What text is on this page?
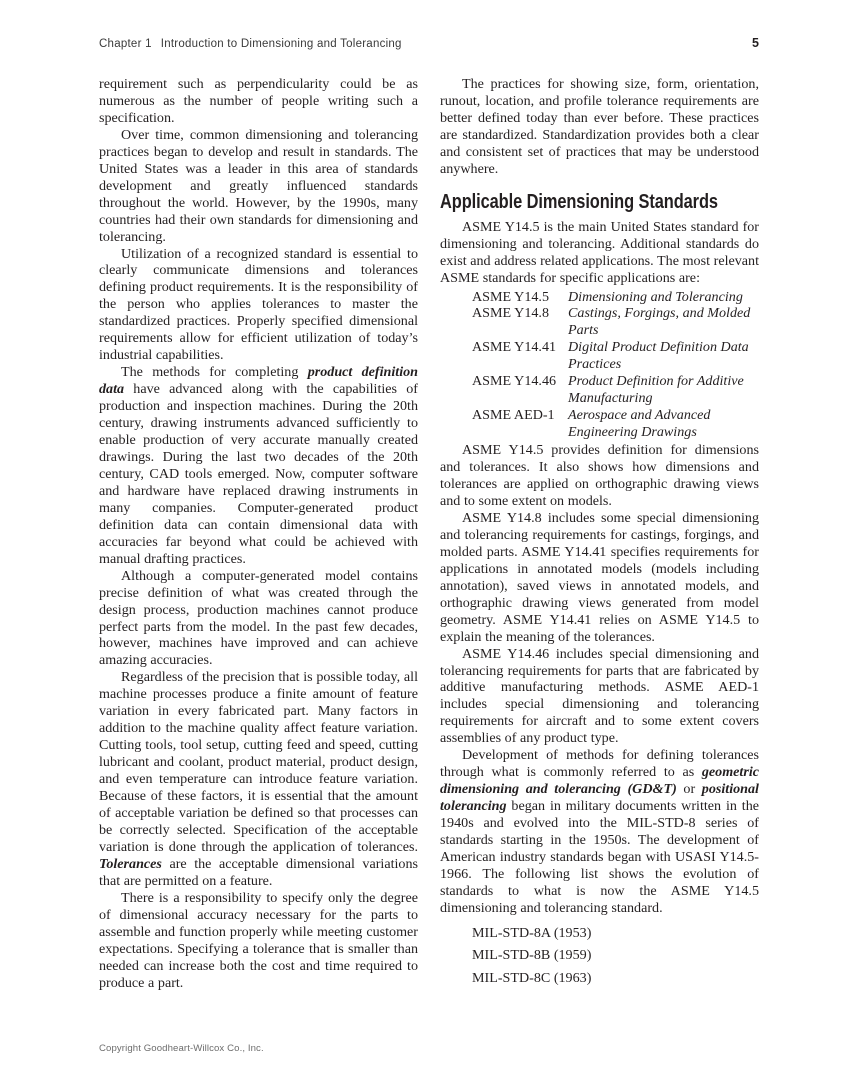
Chapter 1 Introduction to Dimensioning and Tolerancing	5

requirement such as perpendicularity could be as numerous as the number of people writing such a specification.

Over time, common dimensioning and tolerancing practices began to develop and result in standards. The United States was a leader in this area of standards development and greatly influenced standards throughout the world. However, by the 1990s, many countries had their own standards for dimensioning and tolerancing.

Utilization of a recognized standard is essential to clearly communicate dimensions and tolerances defining product requirements. It is the responsibility of the person who applies tolerances to master the standardized practices. Properly specified dimensional requirements allow for efficient utilization of today’s industrial capabilities.

The methods for completing product definition data have advanced along with the capabilities of production and inspection machines. During the 20th century, drawing instruments advanced sufficiently to enable production of very accurate manually created drawings. During the last two decades of the 20th century, CAD tools emerged. Now, computer software and hardware have replaced drawing instruments in many companies. Computer-generated product definition data can contain dimensional data with accuracies far beyond what could be achieved with manual drafting practices.

Although a computer-generated model contains precise definition of what was created through the design process, production machines cannot produce perfect parts from the model. In the past few decades, however, machines have improved and can achieve amazing accuracies.

Regardless of the precision that is possible today, all machine processes produce a finite amount of feature variation in every fabricated part. Many factors in addition to the machine quality affect feature variation. Cutting tools, tool setup, cutting feed and speed, cutting lubricant and coolant, product material, product design, and even temperature can introduce feature variation. Because of these factors, it is essential that the amount of acceptable variation be defined so that processes can be correctly selected. Specification of the acceptable variation is done through the application of tolerances. Tolerances are the acceptable dimensional variations that are permitted on a feature.

There is a responsibility to specify only the degree of dimensional accuracy necessary for the parts to assemble and function properly while meeting customer expectations. Specifying a tolerance that is smaller than needed can increase both the cost and time required to produce a part.

The practices for showing size, form, orientation, runout, location, and profile tolerance requirements are better defined today than ever before. These practices are standardized. Standardization provides both a clear and consistent set of practices that may be understood anywhere.

Applicable Dimensioning Standards

ASME Y14.5 is the main United States standard for dimensioning and tolerancing. Additional standards do exist and address related applications. The most relevant ASME standards for specific applications are:

ASME Y14.5	Dimensioning and Tolerancing
ASME Y14.8	Castings, Forgings, and Molded Parts
ASME Y14.41 Digital Product Definition Data Practices
ASME Y14.46 Product Definition for Additive Manufacturing
ASME AED-1 Aerospace and Advanced Engineering Drawings

ASME Y14.5 provides definition for dimensions and tolerances. It also shows how dimensions and tolerances are applied on orthographic drawing views and to some extent on models.

ASME Y14.8 includes some special dimensioning and tolerancing requirements for castings, forgings, and molded parts. ASME Y14.41 specifies requirements for applications in annotated models (models including annotation), saved views in annotated models, and orthographic drawing views generated from model geometry. ASME Y14.41 relies on ASME Y14.5 to explain the meaning of the tolerances.

ASME Y14.46 includes special dimensioning and tolerancing requirements for parts that are fabricated by additive manufacturing methods. ASME AED-1 includes special dimensioning and tolerancing requirements for aircraft and to some extent covers assemblies of any product type.

Development of methods for defining tolerances through what is commonly referred to as geometric dimensioning and tolerancing (GD&T) or positional tolerancing began in military documents written in the 1940s and evolved into the MIL-STD-8 series of standards starting in the 1950s. The development of American industry standards began with USASI Y14.5-1966. The following list shows the evolution of standards to what is now the ASME Y14.5 dimensioning and tolerancing standard.

MIL-STD-8A (1953)
MIL-STD-8B (1959)
MIL-STD-8C (1963)
Copyright Goodheart-Willcox Co., Inc.
